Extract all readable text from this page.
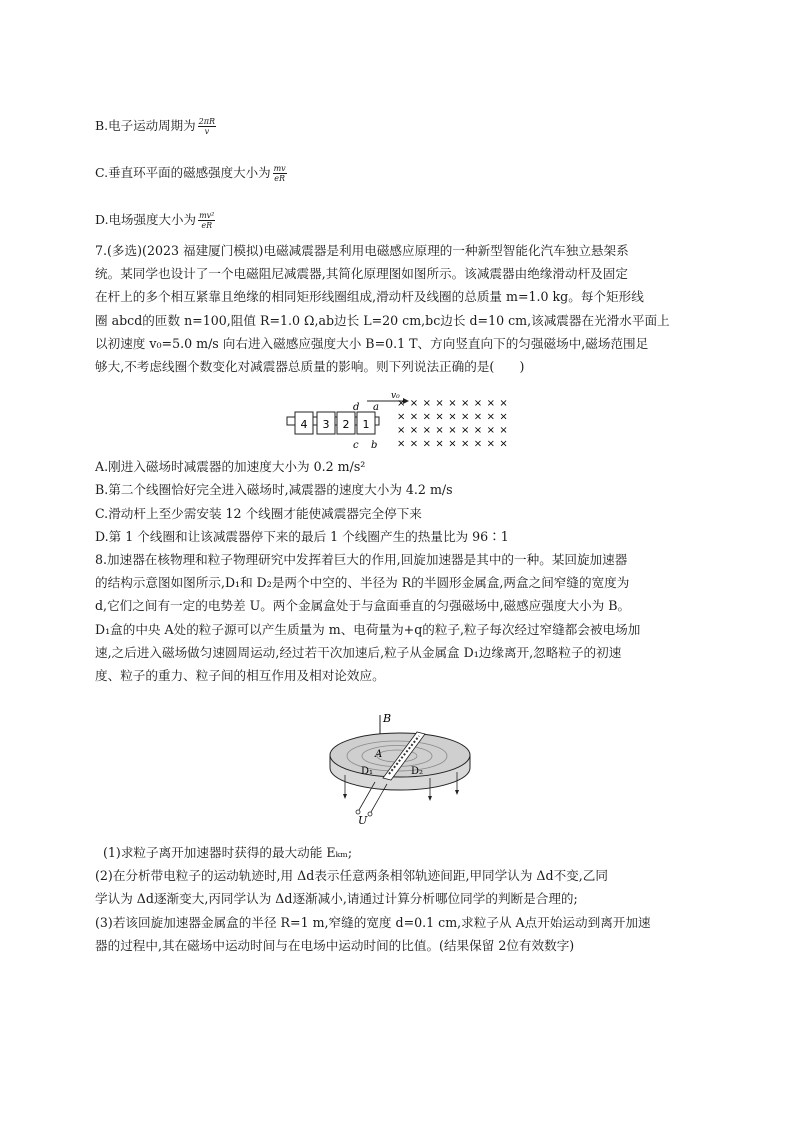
B.电子运动周期为 $\frac{2\pi R}{v}$
C.垂直环平面的磁感强度大小为 $\frac{mv}{eR}$
D.电场强度大小为 $\frac{\text{mv²}}{eR}$
7.(多选)(2023 福建厦门模拟)电磁减震器是利用电磁感应原理的一种新型智能化汽车独立悬架系
统。某同学也设计了一个电磁阻尼减震器,其简化原理图如图所示。该减震器由绝缘滑动杆及固定
在杆上的多个相互紧靠且绝缘的相同矩形线圈组成,滑动杆及线圈的总质量 m=1.0 kg。每个矩形线
圈 abcd的匝数 n=100,阻值 R=1.0 Ω,ab边长 L=20 cm,bc边长 d=10 cm,该减震器在光滑水平面上
以初速度 v₀=5.0 m/s 向右进入磁感应强度大小 B=0.1 T、方向竖直向下的匀强磁场中,磁场范围足
够大,不考虑线圈个数变化对减震器总质量的影响。则下列说法正确的是(　　)
4 3 2 1
d a
c b
v₀
× × × × × × × × ×
× × × × × × × × ×
× × × × × × × × ×
× × × × × × × × ×
A.刚进入磁场时减震器的加速度大小为 0.2 m/s²
B.第二个线圈恰好完全进入磁场时,减震器的速度大小为 4.2 m/s
C.滑动杆上至少需安装 12 个线圈才能使减震器完全停下来
D.第 1 个线圈和让该减震器停下来的最后 1 个线圈产生的热量比为 96∶1
8.加速器在核物理和粒子物理研究中发挥着巨大的作用,回旋加速器是其中的一种。某回旋加速器
的结构示意图如图所示,D₁和 D₂是两个中空的、半径为 R的半圆形金属盒,两盒之间窄缝的宽度为
d,它们之间有一定的电势差 U。两个金属盒处于与盒面垂直的匀强磁场中,磁感应强度大小为 B。
D₁盒的中央 A处的粒子源可以产生质量为 m、电荷量为+q的粒子,粒子每次经过窄缝都会被电场加
速,之后进入磁场做匀速圆周运动,经过若干次加速后,粒子从金属盒 D₁边缘离开,忽略粒子的初速
度、粒子的重力、粒子间的相互作用及相对论效应。
B
A
D₁	D₂
U
(1)求粒子离开加速器时获得的最大动能 Eₖₘ;
(2)在分析带电粒子的运动轨迹时,用 Δd表示任意两条相邻轨迹间距,甲同学认为 Δd不变,乙同
学认为 Δd逐渐变大,丙同学认为 Δd逐渐减小,请通过计算分析哪位同学的判断是合理的;
(3)若该回旋加速器金属盒的半径 R=1 m,窄缝的宽度 d=0.1 cm,求粒子从 A点开始运动到离开加速
器的过程中,其在磁场中运动时间与在电场中运动时间的比值。(结果保留 2位有效数字)
